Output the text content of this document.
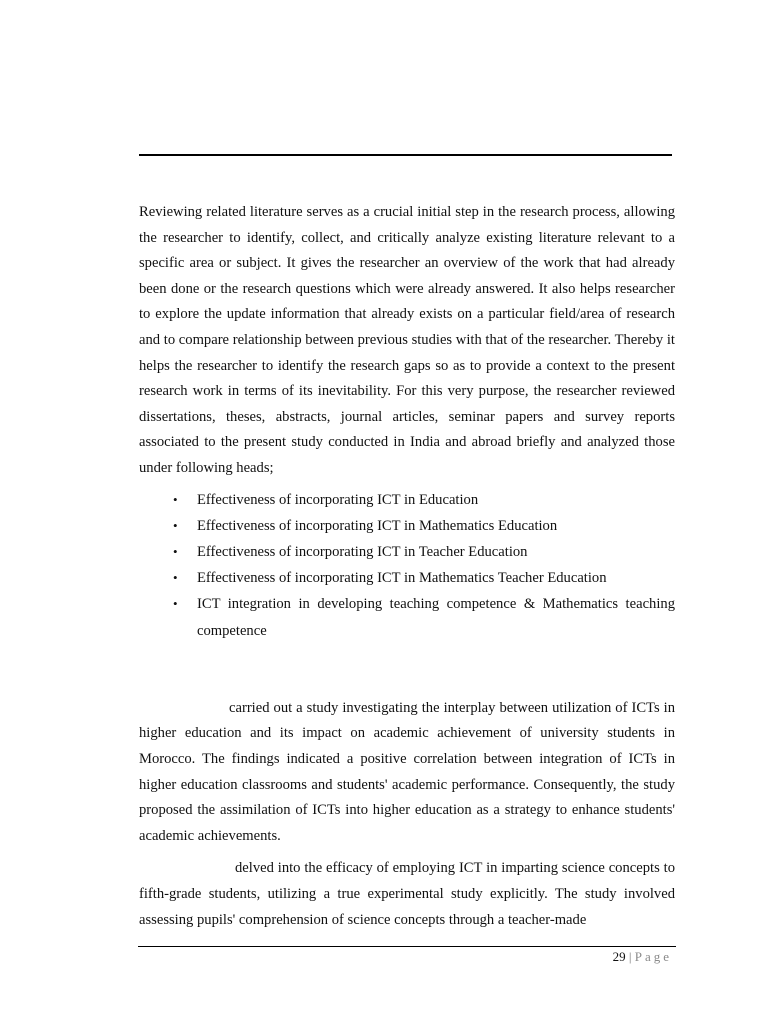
Reviewing related literature serves as a crucial initial step in the research process, allowing the researcher to identify, collect, and critically analyze existing literature relevant to a specific area or subject. It gives the researcher an overview of the work that had already been done or the research questions which were already answered. It also helps researcher to explore the update information that already exists on a particular field/area of research and to compare relationship between previous studies with that of the researcher. Thereby it helps the researcher to identify the research gaps so as to provide a context to the present research work in terms of its inevitability. For this very purpose, the researcher reviewed dissertations, theses, abstracts, journal articles, seminar papers and survey reports associated to the present study conducted in India and abroad briefly and analyzed those under following heads;

• Effectiveness of incorporating ICT in Education
• Effectiveness of incorporating ICT in Mathematics Education
• Effectiveness of incorporating ICT in Teacher Education
• Effectiveness of incorporating ICT in Mathematics Teacher Education
• ICT integration in developing teaching competence & Mathematics teaching competence

carried out a study investigating the interplay between utilization of ICTs in higher education and its impact on academic achievement of university students in Morocco. The findings indicated a positive correlation between integration of ICTs in higher education classrooms and students' academic performance. Consequently, the study proposed the assimilation of ICTs into higher education as a strategy to enhance students' academic achievements.

delved into the efficacy of employing ICT in imparting science concepts to fifth-grade students, utilizing a true experimental study explicitly. The study involved assessing pupils' comprehension of science concepts through a teacher-made

29 | Page
